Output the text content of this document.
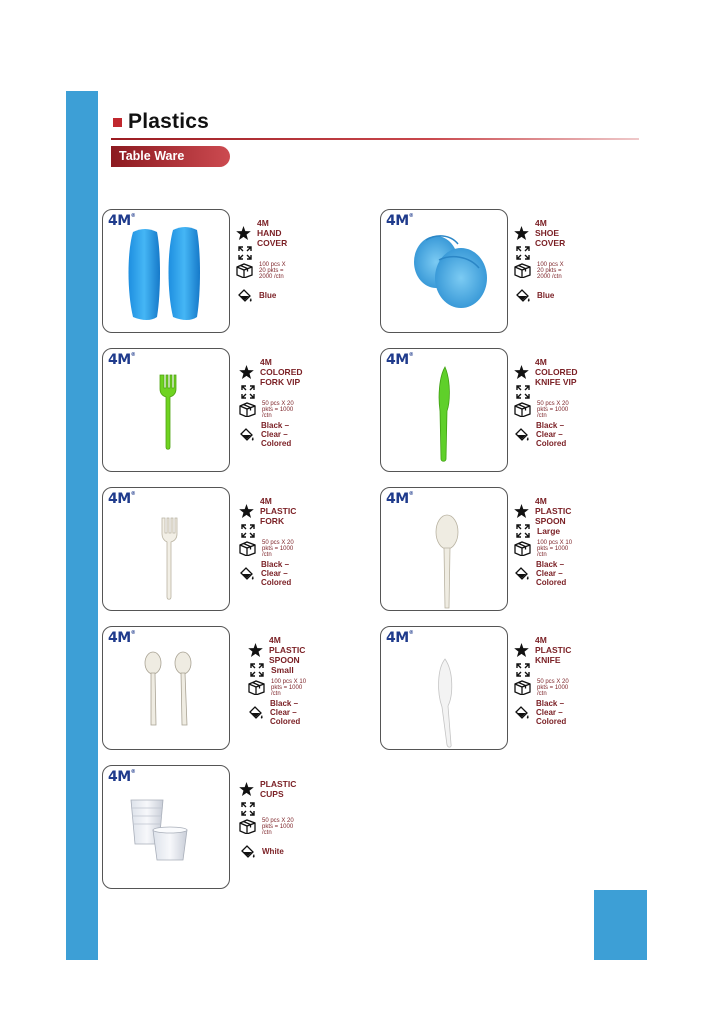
Plastics
Table Ware
4M®
4M HAND COVER
100 pcs X 20 pkts = 2000 /ctn
Blue
4M®
4M SHOE COVER
100 pcs X 20 pkts = 2000 /ctn
Blue
4M®
4M COLORED FORK VIP
50 pcs X 20 pkts = 1000 /ctn
Black – Clear – Colored
4M®
4M COLORED KNIFE VIP
50 pcs X 20 pkts = 1000 /ctn
Black – Clear – Colored
4M®
4M PLASTIC FORK
50 pcs X 20 pkts = 1000 /ctn
Black – Clear – Colored
4M®
4M PLASTIC SPOON
Large
100 pcs X 10 pkts = 1000 /ctn
Black – Clear – Colored
4M®
4M PLASTIC SPOON
Small
100 pcs X 10 pkts = 1000 /ctn
Black – Clear – Colored
4M®
4M PLASTIC KNIFE
50 pcs X 20 pkts = 1000 /ctn
Black – Clear – Colored
4M®
PLASTIC CUPS
50 pcs X 20 pkts = 1000 /ctn
White
